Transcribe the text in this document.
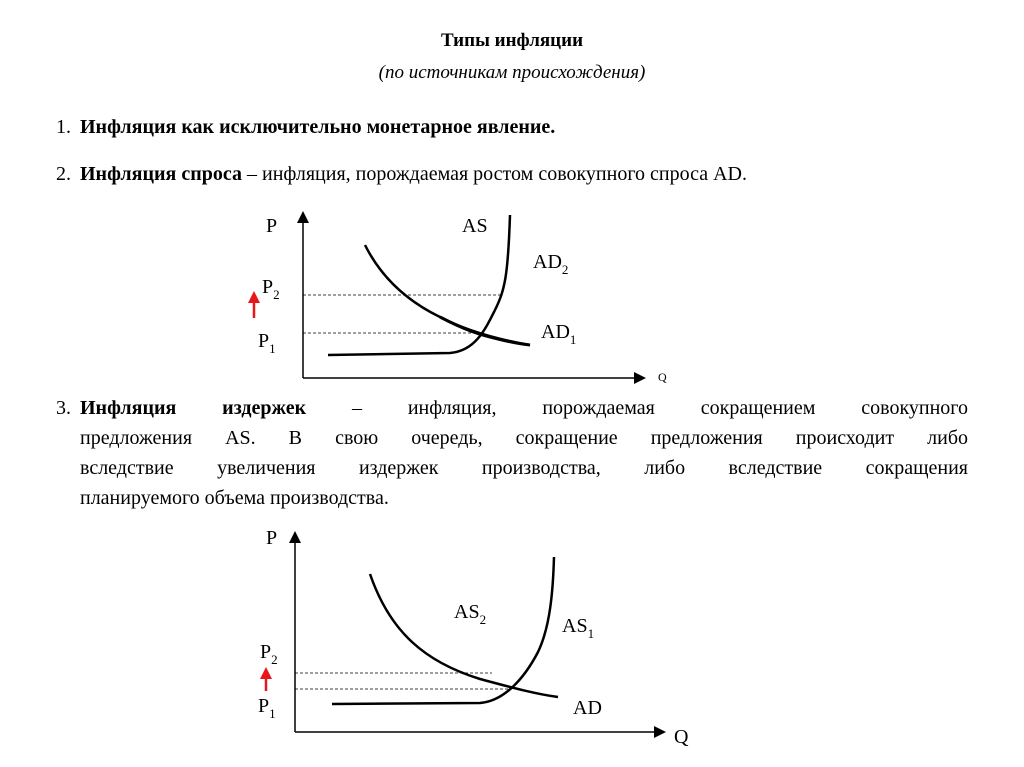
Типы инфляции
(по источникам происхождения)
1. Инфляция как исключительно монетарное явление.
2. Инфляция спроса – инфляция, порождаемая ростом совокупного спроса AD.
P
Q
AS
$AD_2$
$AD_1$
$P_2$
$P_1$
3. Инфляция издержек – инфляция, порождаемая сокращением совокупного
предложения AS. В свою очередь, сокращение предложения происходит либо
вследствие увеличения издержек производства, либо вследствие сокращения
планируемого объема производства.
P
Q
$AS_2$	$AS_1$
AD
$P_2$
$P_1$
